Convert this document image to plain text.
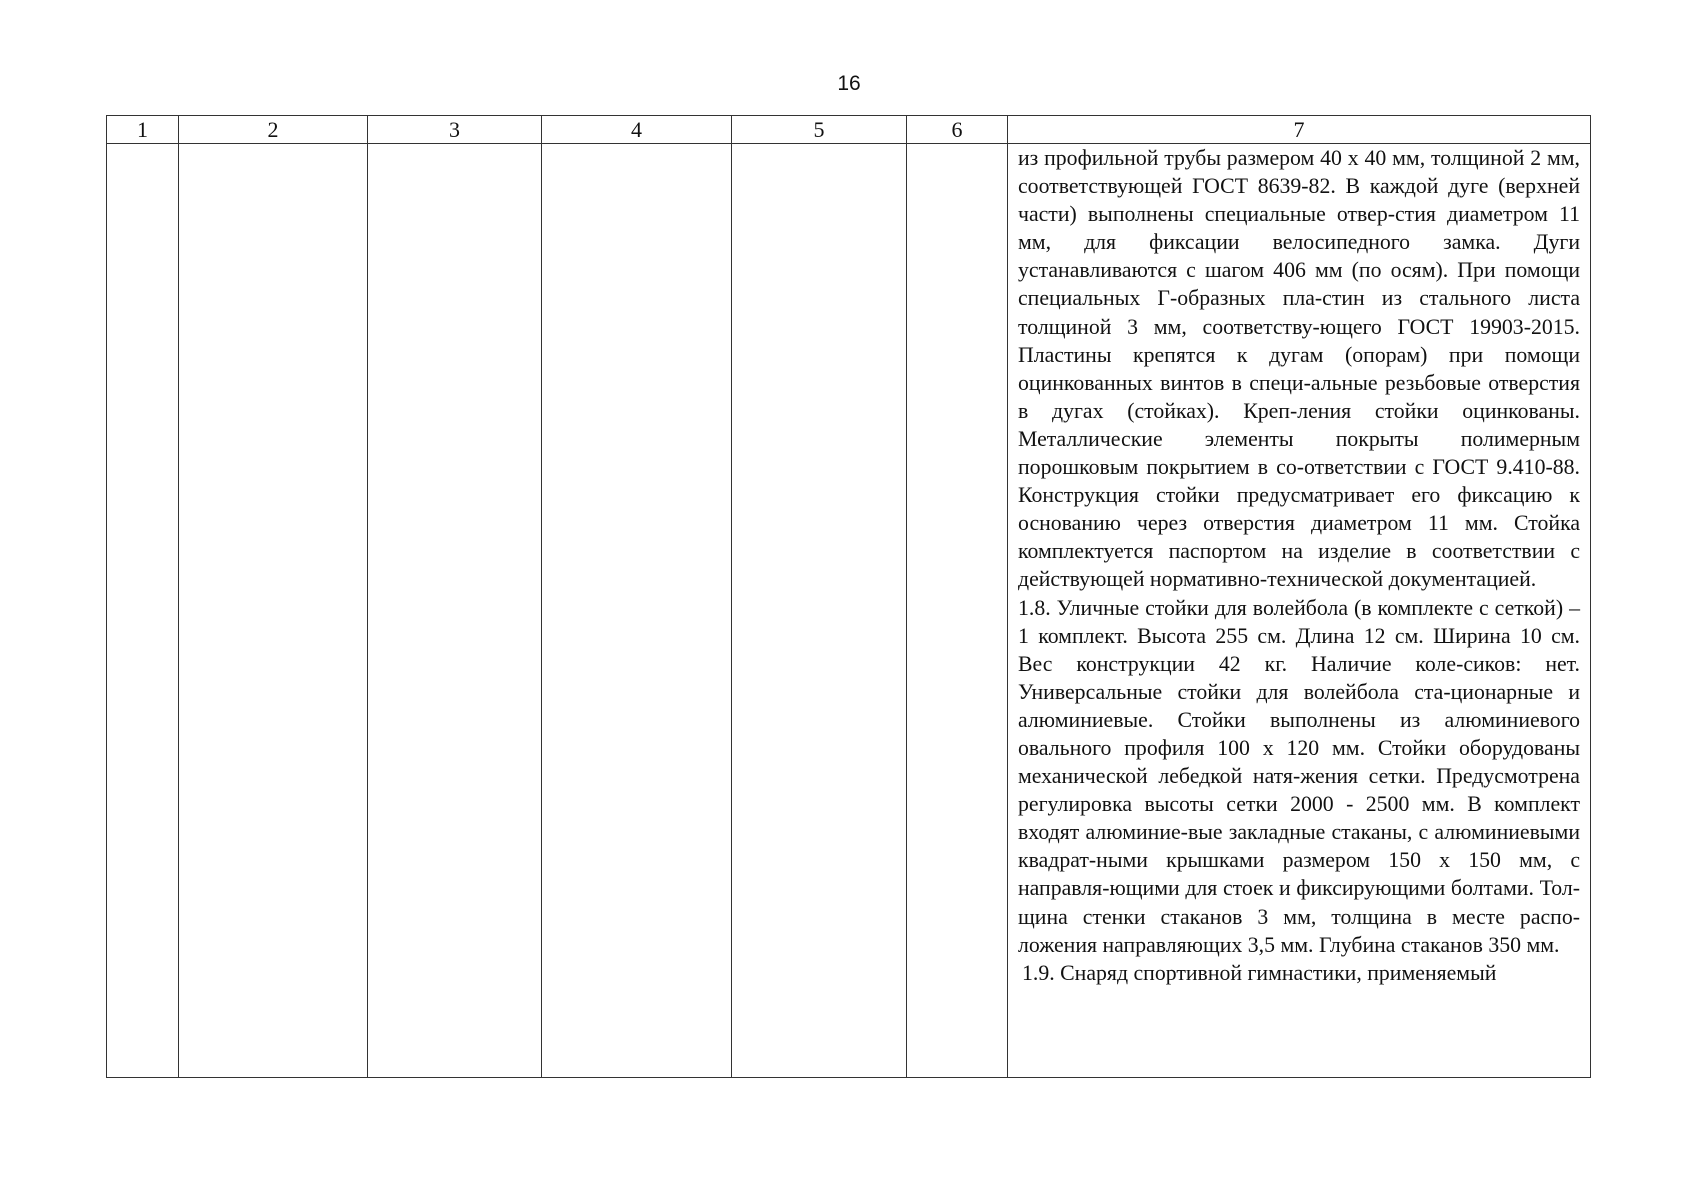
16
1	2	3	4	5	6	7

						из профильной трубы размером 40 х 40 мм, толщиной 2 мм, соответствующей ГОСТ 8639-82. В каждой дуге (верхней части) выполнены специальные отвер-стия диаметром 11 мм, для фиксации велосипедного замка. Дуги устанавливаются с шагом 406 мм (по осям). При помощи специальных Г-образных пла-стин из стального листа толщиной 3 мм, соответству-ющего ГОСТ 19903-2015. Пластины крепятся к дугам (опорам) при помощи оцинкованных винтов в специ-альные резьбовые отверстия в дугах (стойках). Креп-ления стойки оцинкованы. Металлические элементы покрыты полимерным порошковым покрытием в со-ответствии с ГОСТ 9.410-88. Конструкция стойки предусматривает его фиксацию к основанию через отверстия диаметром 11 мм. Стойка комплектуется паспортом на изделие в соответствии с действующей нормативно-технической документацией.
1.8. Уличные стойки для волейбола (в комплекте с сеткой) – 1 комплект. Высота 255 см. Длина 12 см. Ширина 10 см. Вес конструкции 42 кг. Наличие коле-сиков: нет. Универсальные стойки для волейбола ста-ционарные и алюминиевые. Стойки выполнены из алюминиевого овального профиля 100 х 120 мм. Стойки оборудованы механической лебедкой натя-жения сетки. Предусмотрена регулировка высоты сетки 2000 - 2500 мм. В комплект входят алюминие-вые закладные стаканы, с алюминиевыми квадрат-ными крышками размером 150 х 150 мм, с направля-ющими для стоек и фиксирующими болтами. Тол-щина стенки стаканов 3 мм, толщина в месте распо-ложения направляющих 3,5 мм. Глубина стаканов 350 мм.
1.9. Снаряд спортивной гимнастики, применяемый
